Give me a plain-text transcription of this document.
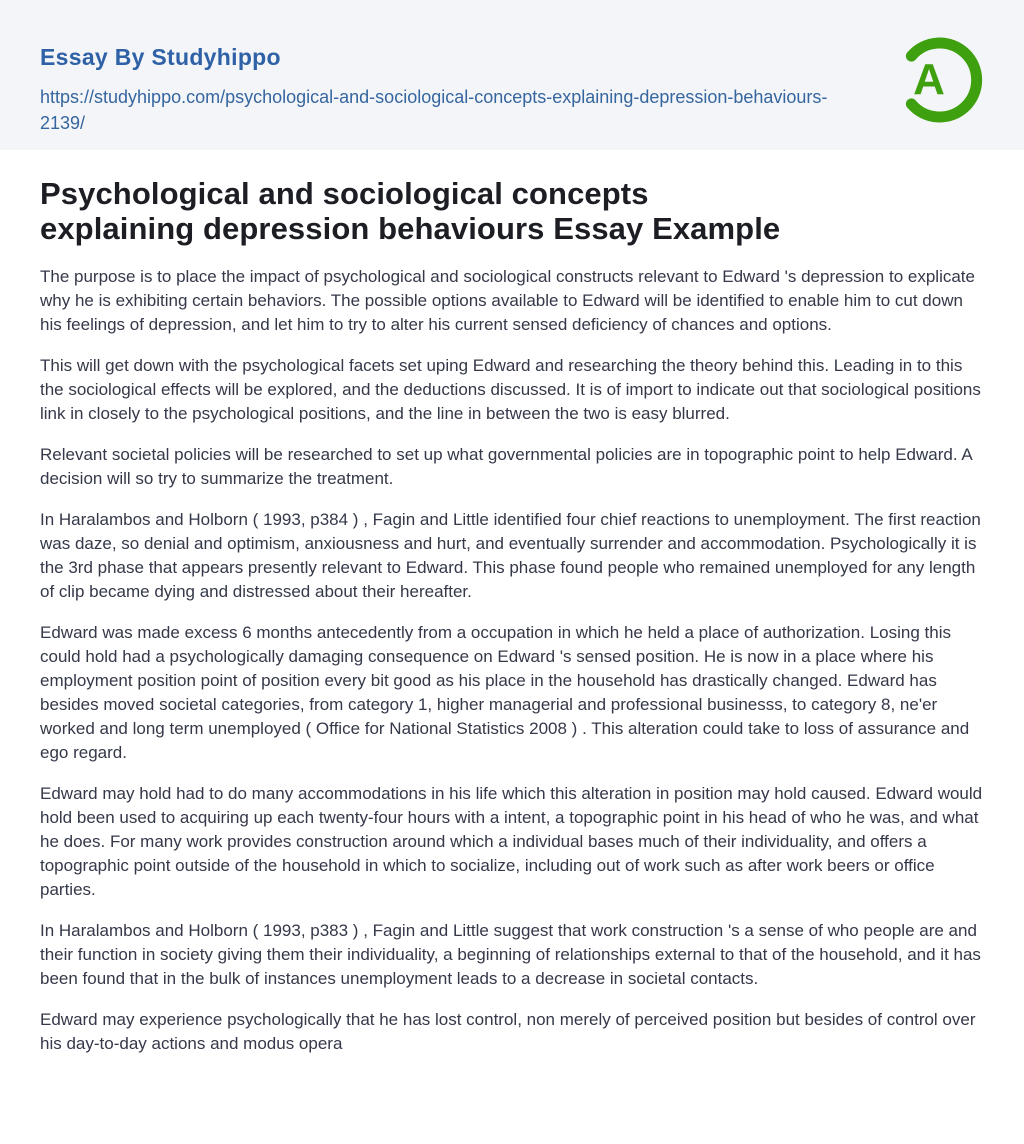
Essay By Studyhippo
https://studyhippo.com/psychological-and-sociological-concepts-explaining-depression-behaviours-2139/
A
Psychological and sociological concepts
explaining depression behaviours Essay Example

The purpose is to place the impact of psychological and sociological constructs relevant to Edward 's depression to explicate why he is exhibiting certain behaviors. The possible options available to Edward will be identified to enable him to cut down his feelings of depression, and let him to try to alter his current sensed deficiency of chances and options.

This will get down with the psychological facets set uping Edward and researching the theory behind this. Leading in to this the sociological effects will be explored, and the deductions discussed. It is of import to indicate out that sociological positions link in closely to the psychological positions, and the line in between the two is easy blurred.

Relevant societal policies will be researched to set up what governmental policies are in topographic point to help Edward. A decision will so try to summarize the treatment.

In Haralambos and Holborn ( 1993, p384 ) , Fagin and Little identified four chief reactions to unemployment. The first reaction was daze, so denial and optimism, anxiousness and hurt, and eventually surrender and accommodation. Psychologically it is the 3rd phase that appears presently relevant to Edward. This phase found people who remained unemployed for any length of clip became dying and distressed about their hereafter.

Edward was made excess 6 months antecedently from a occupation in which he held a place of authorization. Losing this could hold had a psychologically damaging consequence on Edward 's sensed position. He is now in a place where his employment position point of position every bit good as his place in the household has drastically changed. Edward has besides moved societal categories, from category 1, higher managerial and professional businesss, to category 8, ne'er worked and long term unemployed ( Office for National Statistics 2008 ) . This alteration could take to loss of assurance and ego regard.

Edward may hold had to do many accommodations in his life which this alteration in position may hold caused. Edward would hold been used to acquiring up each twenty-four hours with a intent, a topographic point in his head of who he was, and what he does. For many work provides construction around which a individual bases much of their individuality, and offers a topographic point outside of the household in which to socialize, including out of work such as after work beers or office parties.

In Haralambos and Holborn ( 1993, p383 ) , Fagin and Little suggest that work construction 's a sense of who people are and their function in society giving them their individuality, a beginning of relationships external to that of the household, and it has been found that in the bulk of instances unemployment leads to a decrease in societal contacts.

Edward may experience psychologically that he has lost control, non merely of perceived position but besides of control over his day-to-day actions and modus opera
